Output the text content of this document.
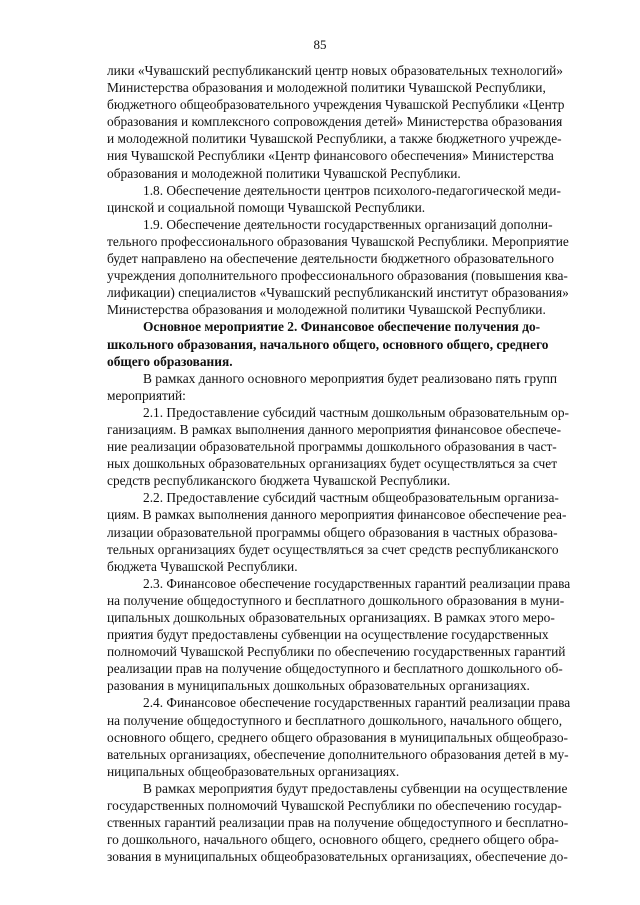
85
лики «Чувашский республиканский центр новых образовательных технологий»
Министерства образования и молодежной политики Чувашской Республики,
бюджетного общеобразовательного учреждения Чувашской Республики «Центр
образования и комплексного сопровождения детей» Министерства образования
и молодежной политики Чувашской Республики, а также бюджетного учрежде-
ния Чувашской Республики «Центр финансового обеспечения» Министерства
образования и молодежной политики Чувашской Республики.
1.8. Обеспечение деятельности центров психолого-педагогической меди-
цинской и социальной помощи Чувашской Республики.
1.9. Обеспечение деятельности государственных организаций дополни-
тельного профессионального образования Чувашской Республики. Мероприятие
будет направлено на обеспечение деятельности бюджетного образовательного
учреждения дополнительного профессионального образования (повышения ква-
лификации) специалистов «Чувашский республиканский институт образования»
Министерства образования и молодежной политики Чувашской Республики.
Основное мероприятие 2. Финансовое обеспечение получения до-
школьного образования, начального общего, основного общего, среднего
общего образования.
В рамках данного основного мероприятия будет реализовано пять групп
мероприятий:
2.1. Предоставление субсидий частным дошкольным образовательным ор-
ганизациям. В рамках выполнения данного мероприятия финансовое обеспече-
ние реализации образовательной программы дошкольного образования в част-
ных дошкольных образовательных организациях будет осуществляться за счет
средств республиканского бюджета Чувашской Республики.
2.2. Предоставление субсидий частным общеобразовательным организа-
циям. В рамках выполнения данного мероприятия финансовое обеспечение реа-
лизации образовательной программы общего образования в частных образова-
тельных организациях будет осуществляться за счет средств республиканского
бюджета Чувашской Республики.
2.3. Финансовое обеспечение государственных гарантий реализации права
на получение общедоступного и бесплатного дошкольного образования в муни-
ципальных дошкольных образовательных организациях. В рамках этого меро-
приятия будут предоставлены субвенции на осуществление государственных
полномочий Чувашской Республики по обеспечению государственных гарантий
реализации прав на получение общедоступного и бесплатного дошкольного об-
разования в муниципальных дошкольных образовательных организациях.
2.4. Финансовое обеспечение государственных гарантий реализации права
на получение общедоступного и бесплатного дошкольного, начального общего,
основного общего, среднего общего образования в муниципальных общеобразо-
вательных организациях, обеспечение дополнительного образования детей в му-
ниципальных общеобразовательных организациях.
В рамках мероприятия будут предоставлены субвенции на осуществление
государственных полномочий Чувашской Республики по обеспечению государ-
ственных гарантий реализации прав на получение общедоступного и бесплатно-
го дошкольного, начального общего, основного общего, среднего общего обра-
зования в муниципальных общеобразовательных организациях, обеспечение до-
